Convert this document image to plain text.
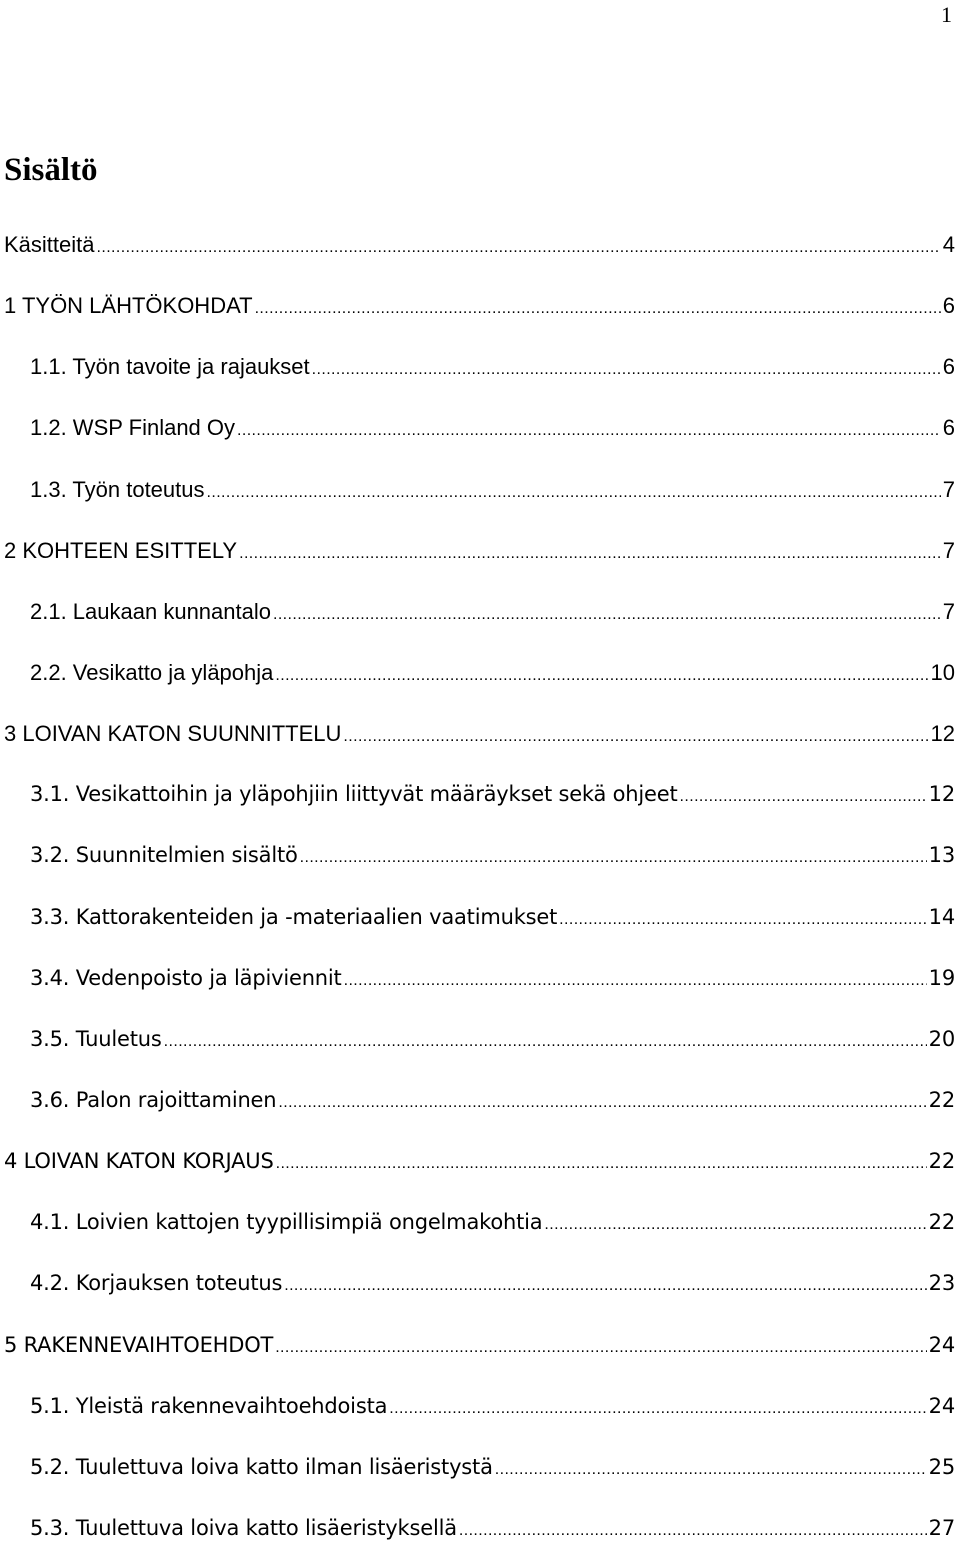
1
Sisältö
Käsitteitä .....	4
1 TYÖN LÄHTÖKOHDAT .....	6
1.1. Työn tavoite ja rajaukset .....	6
1.2. WSP Finland Oy .....	6
1.3. Työn toteutus .....	7
2 KOHTEEN ESITTELY .....	7
2.1. Laukaan kunnantalo .....	7
2.2. Vesikatto ja yläpohja .....	10
3 LOIVAN KATON SUUNNITTELU .....	12
3.1. Vesikattoihin ja yläpohjiin liittyvät määräykset sekä ohjeet .....	12
3.2. Suunnitelmien sisältö .....	13
3.3. Kattorakenteiden ja -materiaalien vaatimukset .....	14
3.4. Vedenpoisto ja läpiviennit .....	19
3.5. Tuuletus .....	20
3.6. Palon rajoittaminen .....	22
4 LOIVAN KATON KORJAUS .....	22
4.1. Loivien kattojen tyypillisimpiä ongelmakohtia .....	22
4.2. Korjauksen toteutus .....	23
5 RAKENNEVAIHTOEHDOT .....	24
5.1. Yleistä rakennevaihtoehdoista .....	24
5.2. Tuulettuva loiva katto ilman lisäeristystä .....	25
5.3. Tuulettuva loiva katto lisäeristyksellä .....	27
